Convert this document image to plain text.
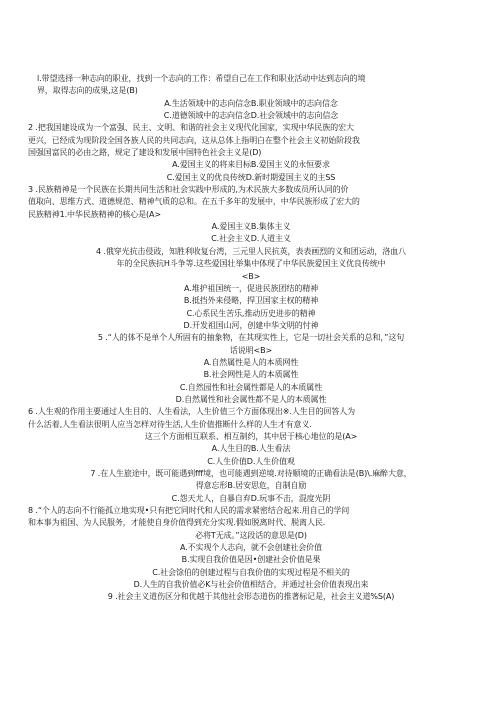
l.带望选择一种志向的职业，找到一个志向的工作：希望自己在工作和职业活动中达到志向的境
界，取得志向的成果,这是(B)
A.生活领域中的志向信念B.职业领域中的志向信念
C.道德领域中的志向信念D.社会领域中的志向信念
2 .把我国建设成为一个富强、民主、文明、和谐的社会主义现代化国家，实现中华民族的宏大
更兴，已经成为现阶段全国各族人民的共同志向，这从总体上指明白在整个社会主义初始阶段我
国强国富民的必由之路，规定了建设和发展中国特色社会主义是(D)
A.爱国主义的将来目标B.爱国主义的永恒要求
C.爱国主义的优良传统D.新时期爱国主义的主SS
3 .民族精神是一个民族在长期共同生活和社会实践中形成的,为术民族大多数成员所认同的价
值取向、思维方式、道德规范、精神气质的总和。在五千多年的发展中，中华民族形成了宏大的
民族精神1.中华民族精神的核心是(A>
A.爱国主义B.集体主义
C.社会主义D.人道主义
4 .俄穿光抗击侵豉，知胜利收复台湾，三元里人民抗英，表表画烈的义和团运动，洛血八
年的全民族抗H斗争等.这些爱国壮举集中体现了中华民族爱国主义优良传统中
<B>
A.堆护祖国统一，促进民族团结的精神
B.抵挡外来侵略，捍卫国家主权的精神
C.心系民生苦乐,推动历史进步的精神
D.开发祖国山河，创建中华文明的忖神
5 .“人的体不是单个人所固有的抽象物，在其现实性上，它是一切社会关系的总和，”这句
话说明<B>
A.自然属性是人的本质网性
B.社会网性是人的本质属性
C.自然园性和社会属性都是人的本质属性
D.自然属性和社会属性都不是人的本质属性
6 .人生观的作用主要通过人生目的、人生看法，人生价值三个方面体现出※.人生目的回答人为
什么活着,人生看法很明人应当怎样对待生活,人生价值推断什么样的人生才有意义.
这三个方面相互联系、相互制约，其中居于核心地位的是(A>
A.人生目的B.人生看法
C.人生价值D.人生价值观
7 .在人生旅途中，既可能遇到fff境，也可能遇到逆境.对待顺境的正确看法是(B)\.麻醉大意，
得意忘形B.居安思危，自制自励
C.怨天尤人，自暴自弃D.玩事不击，混度光阴
8 .“个人的志向不行能孤立地实现•只有把它同时代和人民的需求紧密结合起来.用自己的学问
和本事为祖国、为人民服务，才能使自身价值得到充分实现.假如脱离时代、脱离人民.
必将T无成。”这段话的意思是(D)
A.不实现个人志向，就不会创建社会价值
B.实现自我价值是因•创建社会价值是果
C.社会馀伯的创建过程与自我价值的实现过程是不相关的
D.人生的自我价值必K与社会价值相结合，并通过社会价值表现出来
9 .社会主义道伤区分和优越于其他社会形态道伤的推著标记是，社会主义道%S(A)
